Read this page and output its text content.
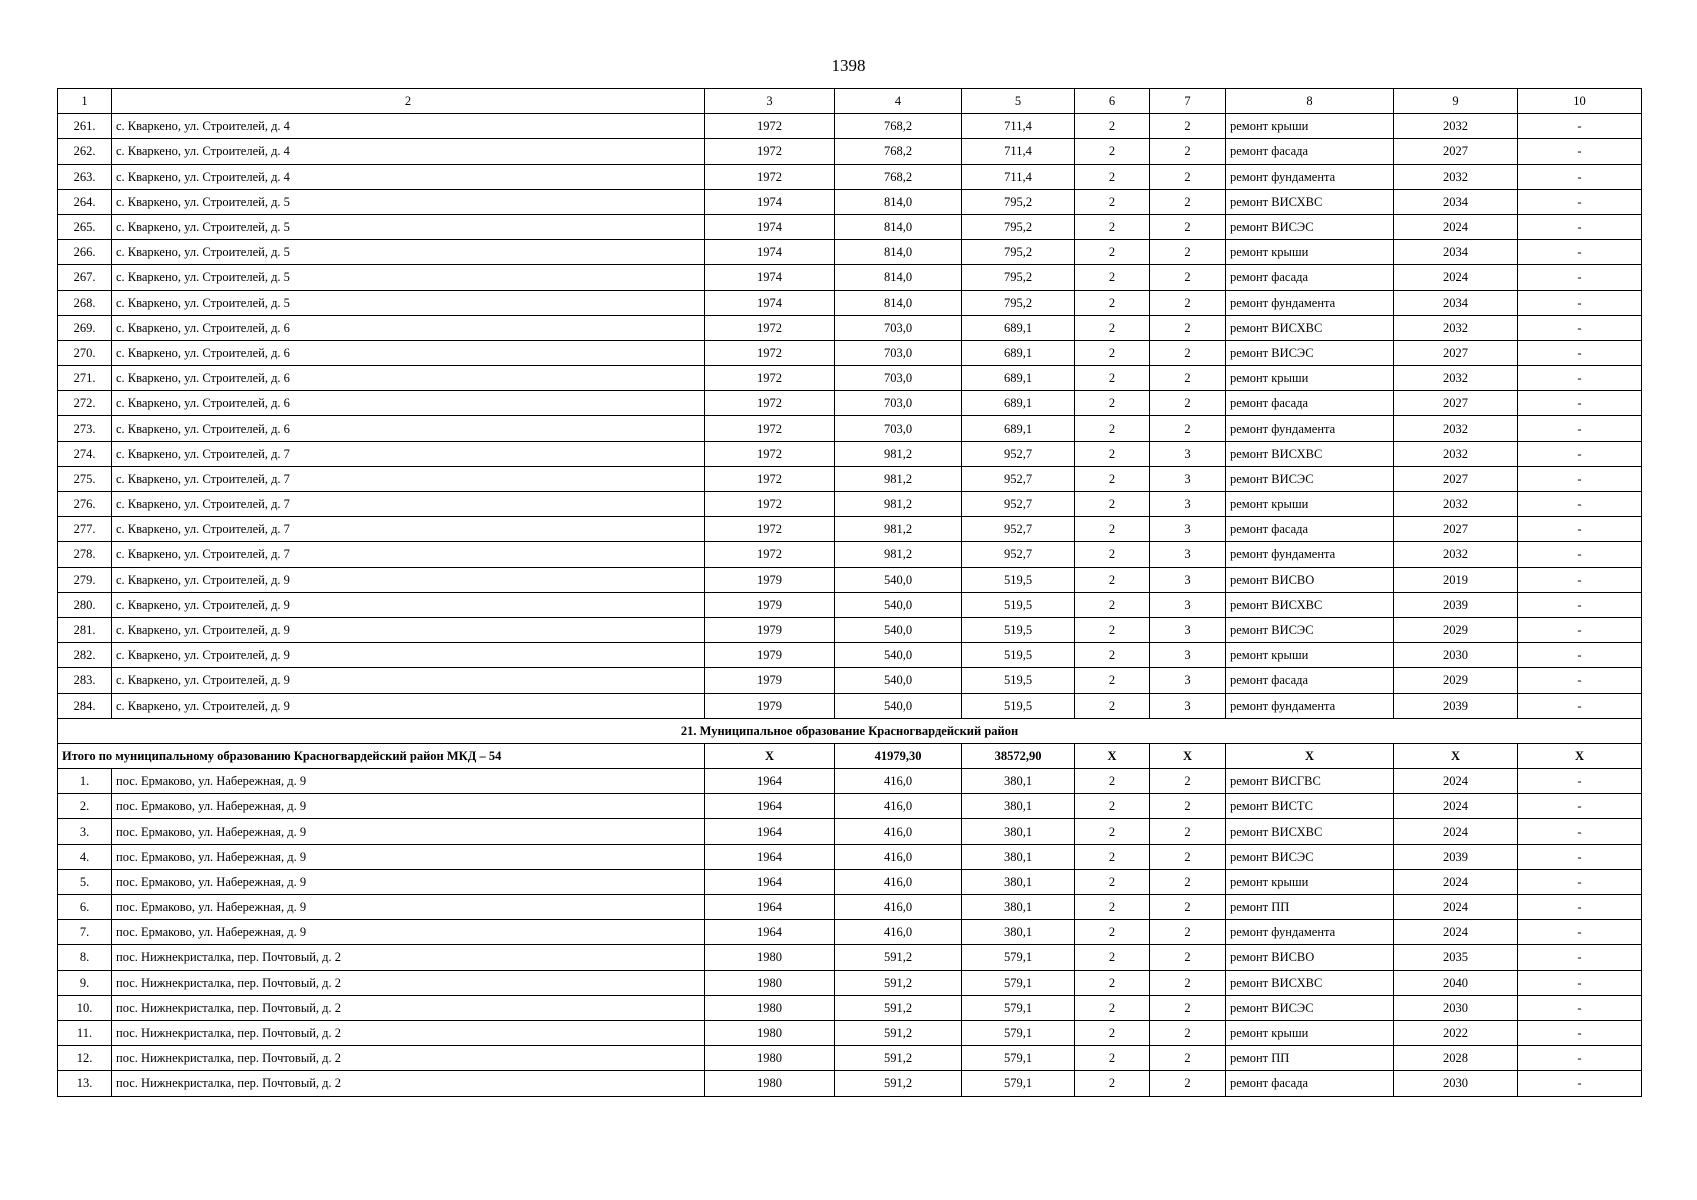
1398
1	2	3	4	5	6	7	8	9	10
261.	с. Кваркено, ул. Строителей, д. 4	1972	768,2	711,4	2	2	ремонт крыши	2032	-
262.	с. Кваркено, ул. Строителей, д. 4	1972	768,2	711,4	2	2	ремонт фасада	2027	-
263.	с. Кваркено, ул. Строителей, д. 4	1972	768,2	711,4	2	2	ремонт фундамента	2032	-
264.	с. Кваркено, ул. Строителей, д. 5	1974	814,0	795,2	2	2	ремонт ВИСХВС	2034	-
265.	с. Кваркено, ул. Строителей, д. 5	1974	814,0	795,2	2	2	ремонт ВИСЭС	2024	-
266.	с. Кваркено, ул. Строителей, д. 5	1974	814,0	795,2	2	2	ремонт крыши	2034	-
267.	с. Кваркено, ул. Строителей, д. 5	1974	814,0	795,2	2	2	ремонт фасада	2024	-
268.	с. Кваркено, ул. Строителей, д. 5	1974	814,0	795,2	2	2	ремонт фундамента	2034	-
269.	с. Кваркено, ул. Строителей, д. 6	1972	703,0	689,1	2	2	ремонт ВИСХВС	2032	-
270.	с. Кваркено, ул. Строителей, д. 6	1972	703,0	689,1	2	2	ремонт ВИСЭС	2027	-
271.	с. Кваркено, ул. Строителей, д. 6	1972	703,0	689,1	2	2	ремонт крыши	2032	-
272.	с. Кваркено, ул. Строителей, д. 6	1972	703,0	689,1	2	2	ремонт фасада	2027	-
273.	с. Кваркено, ул. Строителей, д. 6	1972	703,0	689,1	2	2	ремонт фундамента	2032	-
274.	с. Кваркено, ул. Строителей, д. 7	1972	981,2	952,7	2	3	ремонт ВИСХВС	2032	-
275.	с. Кваркено, ул. Строителей, д. 7	1972	981,2	952,7	2	3	ремонт ВИСЭС	2027	-
276.	с. Кваркено, ул. Строителей, д. 7	1972	981,2	952,7	2	3	ремонт крыши	2032	-
277.	с. Кваркено, ул. Строителей, д. 7	1972	981,2	952,7	2	3	ремонт фасада	2027	-
278.	с. Кваркено, ул. Строителей, д. 7	1972	981,2	952,7	2	3	ремонт фундамента	2032	-
279.	с. Кваркено, ул. Строителей, д. 9	1979	540,0	519,5	2	3	ремонт ВИСВО	2019	-
280.	с. Кваркено, ул. Строителей, д. 9	1979	540,0	519,5	2	3	ремонт ВИСХВС	2039	-
281.	с. Кваркено, ул. Строителей, д. 9	1979	540,0	519,5	2	3	ремонт ВИСЭС	2029	-
282.	с. Кваркено, ул. Строителей, д. 9	1979	540,0	519,5	2	3	ремонт крыши	2030	-
283.	с. Кваркено, ул. Строителей, д. 9	1979	540,0	519,5	2	3	ремонт фасада	2029	-
284.	с. Кваркено, ул. Строителей, д. 9	1979	540,0	519,5	2	3	ремонт фундамента	2039	-
21. Муниципальное образование Красногвардейский район									
Итого по муниципальному образованию Красногвардейский район МКД – 54		Х	41979,30	38572,90	Х	Х	Х	Х	Х
1.	пос. Ермаково, ул. Набережная, д. 9	1964	416,0	380,1	2	2	ремонт ВИСГВС	2024	-
2.	пос. Ермаково, ул. Набережная, д. 9	1964	416,0	380,1	2	2	ремонт ВИСТС	2024	-
3.	пос. Ермаково, ул. Набережная, д. 9	1964	416,0	380,1	2	2	ремонт ВИСХВС	2024	-
4.	пос. Ермаково, ул. Набережная, д. 9	1964	416,0	380,1	2	2	ремонт ВИСЭС	2039	-
5.	пос. Ермаково, ул. Набережная, д. 9	1964	416,0	380,1	2	2	ремонт крыши	2024	-
6.	пос. Ермаково, ул. Набережная, д. 9	1964	416,0	380,1	2	2	ремонт ПП	2024	-
7.	пос. Ермаково, ул. Набережная, д. 9	1964	416,0	380,1	2	2	ремонт фундамента	2024	-
8.	пос. Нижнекристалка, пер. Почтовый, д. 2	1980	591,2	579,1	2	2	ремонт ВИСВО	2035	-
9.	пос. Нижнекристалка, пер. Почтовый, д. 2	1980	591,2	579,1	2	2	ремонт ВИСХВС	2040	-
10.	пос. Нижнекристалка, пер. Почтовый, д. 2	1980	591,2	579,1	2	2	ремонт ВИСЭС	2030	-
11.	пос. Нижнекристалка, пер. Почтовый, д. 2	1980	591,2	579,1	2	2	ремонт крыши	2022	-
12.	пос. Нижнекристалка, пер. Почтовый, д. 2	1980	591,2	579,1	2	2	ремонт ПП	2028	-
13.	пос. Нижнекристалка, пер. Почтовый, д. 2	1980	591,2	579,1	2	2	ремонт фасада	2030	-
